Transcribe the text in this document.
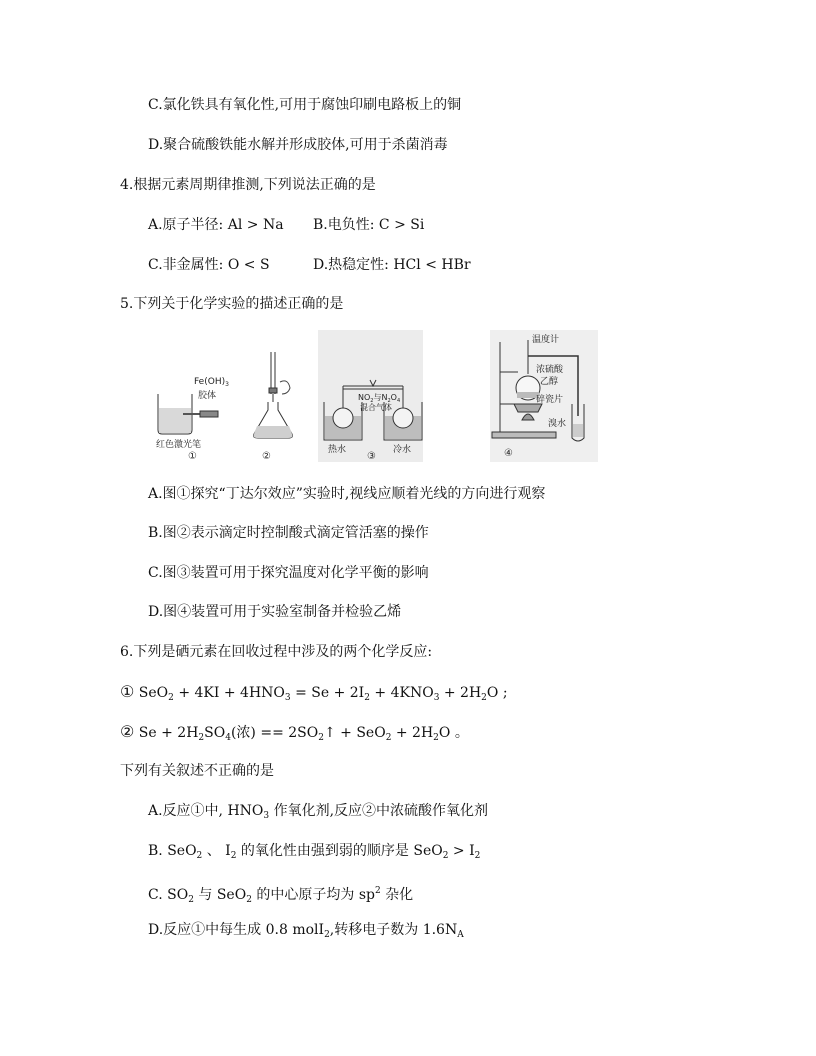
C.氯化铁具有氧化性,可用于腐蚀印刷电路板上的铜
D.聚合硫酸铁能水解并形成胶体,可用于杀菌消毒
4.根据元素周期律推测,下列说法正确的是
A.原子半径: Al > Na B.电负性: C > Si
C.非金属性: O < S	D.热稳定性: HCl < HBr
5.下列关于化学实验的描述正确的是
$Fe(OH)_3$
胶体
红色激光笔
①	②
$NO_2$与$N_2O_4$
混合气体
热水	冷水
③
温度计
浓硫酸
乙醇
碎瓷片
溴水
④
A.图①探究“丁达尔效应”实验时,视线应顺着光线的方向进行观察
B.图②表示滴定时控制酸式滴定管活塞的操作
C.图③装置可用于探究温度对化学平衡的影响
D.图④装置可用于实验室制备并检验乙烯
6.下列是硒元素在回收过程中涉及的两个化学反应:
① $SeO_2 + 4KI + 4HNO_3 = Se + 2I_2 + 4KNO_3 + 2H_2O$ ;
② $Se + 2H_2SO_4$(浓) == $2SO_2↑ + SeO_2 + 2H_2O$ 。
下列有关叙述不正确的是
A.反应①中, $HNO_3$ 作氧化剂,反应②中浓硫酸作氧化剂
B. SeO$_2$ 、 $I_2$ 的氧化性由强到弱的顺序是 $SeO_2 > I_2$
C. $SO_2$ 与 SeO$_2$ 的中心原子均为 $sp^2$ 杂化
D.反应①中每生成 0.8 molI$_2$,转移电子数为 $1.6N_A$
